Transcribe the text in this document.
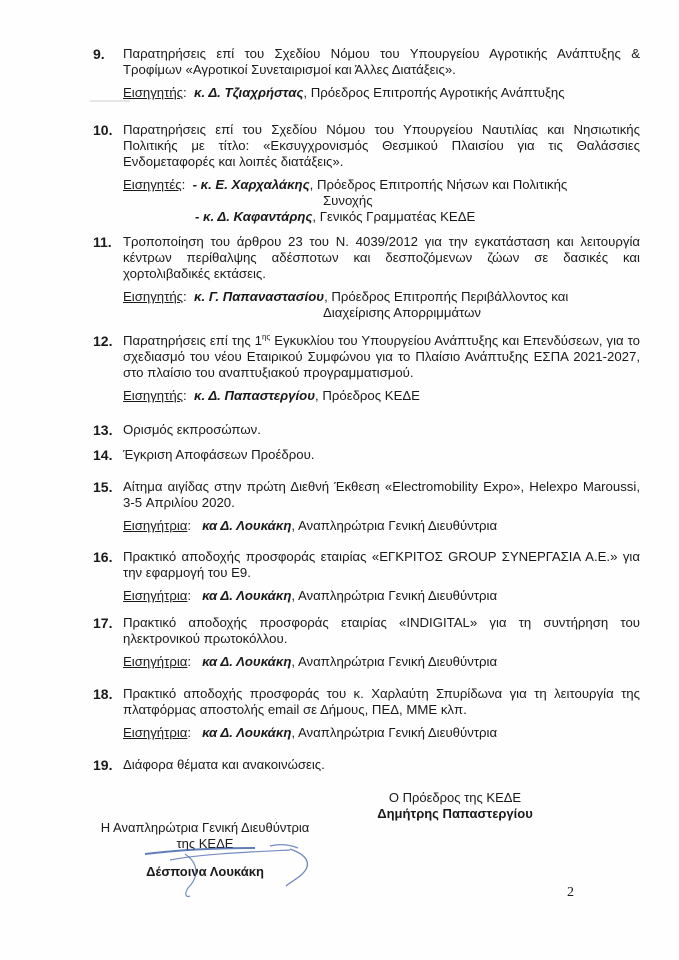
9. Παρατηρήσεις επί του Σχεδίου Νόμου του Υπουργείου Αγροτικής Ανάπτυξης & Τροφίμων «Αγροτικοί Συνεταιρισμοί και Άλλες Διατάξεις».
Εισηγητής:  κ. Δ. Τζιαχρήστας, Πρόεδρος Επιτροπής Αγροτικής Ανάπτυξης
10. Παρατηρήσεις επί του Σχεδίου Νόμου του Υπουργείου Ναυτιλίας και Νησιωτικής Πολιτικής με τίτλο: «Εκσυγχρονισμός Θεσμικού Πλαισίου για τις Θαλάσσιες Ενδομεταφορές και λοιπές διατάξεις».
Εισηγητές:  - κ. Ε. Χαρχαλάκης, Πρόεδρος Επιτροπής Νήσων και Πολιτικής
Συνοχής
- κ. Δ. Καφαντάρης, Γενικός Γραμματέας ΚΕΔΕ
11. Τροποποίηση του άρθρου 23 του Ν. 4039/2012 για την εγκατάσταση και λειτουργία κέντρων περίθαλψης αδέσποτων και δεσποζόμενων ζώων σε δασικές και χορτολιβαδικές εκτάσεις.
Εισηγητής:  κ. Γ. Παπαναστασίου, Πρόεδρος Επιτροπής Περιβάλλοντος και
Διαχείρισης Απορριμμάτων
12. Παρατηρήσεις επί της $1^{\eta\varsigma}$ Εγκυκλίου του Υπουργείου Ανάπτυξης και Επενδύσεων, για το σχεδιασμό του νέου Εταιρικού Συμφώνου για το Πλαίσιο Ανάπτυξης ΕΣΠΑ 2021-2027, στο πλαίσιο του αναπτυξιακού προγραμματισμού.
Εισηγητής:  κ. Δ. Παπαστεργίου, Πρόεδρος ΚΕΔΕ
13. Ορισμός εκπροσώπων.
14. Έγκριση Αποφάσεων Προέδρου.
15. Αίτημα αιγίδας στην πρώτη Διεθνή Έκθεση «Electromobility Expo», Helexpo Maroussi, 3-5 Απριλίου 2020.
Εισηγήτρια:   κα Δ. Λουκάκη, Αναπληρώτρια Γενική Διευθύντρια
16. Πρακτικό αποδοχής προσφοράς εταιρίας «ΕΓΚΡΙΤΟΣ GROUP ΣΥΝΕΡΓΑΣΙΑ Α.Ε.» για την εφαρμογή του Ε9.
Εισηγήτρια:   κα Δ. Λουκάκη, Αναπληρώτρια Γενική Διευθύντρια
17. Πρακτικό αποδοχής προσφοράς εταιρίας «INDIGITAL» για τη συντήρηση του ηλεκτρονικού πρωτοκόλλου.
Εισηγήτρια:   κα Δ. Λουκάκη, Αναπληρώτρια Γενική Διευθύντρια
18. Πρακτικό αποδοχής προσφοράς του κ. Χαρλαύτη Σπυρίδωνα για τη λειτουργία της πλατφόρμας αποστολής email σε Δήμους, ΠΕΔ, ΜΜΕ κλπ.
Εισηγήτρια:   κα Δ. Λουκάκη, Αναπληρώτρια Γενική Διευθύντρια
19. Διάφορα θέματα και ανακοινώσεις.
Ο Πρόεδρος της ΚΕΔΕ
Δημήτρης Παπαστεργίου
Η Αναπληρώτρια Γενική Διευθύντρια
της ΚΕΔΕ
Δέσποινα Λουκάκη
2
